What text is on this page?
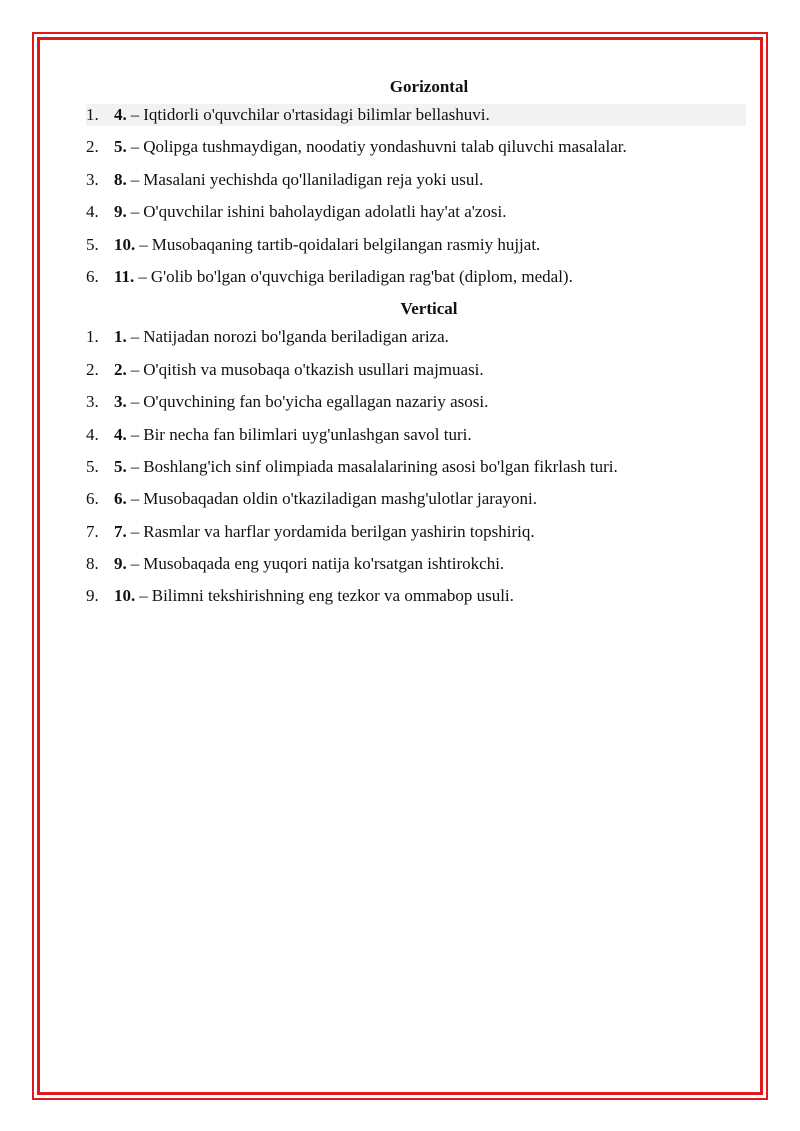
Gorizontal
1. 4. – Iqtidorli o'quvchilar o'rtasidagi bilimlar bellashuvi.
2. 5. – Qolipga tushmaydigan, noodatiy yondashuvni talab qiluvchi masalalar.
3. 8. – Masalani yechishda qo'llaniladigan reja yoki usul.
4. 9. – O'quvchilar ishini baholaydigan adolatli hay'at a'zosi.
5. 10. – Musobaqaning tartib-qoidalari belgilangan rasmiy hujjat.
6. 11. – G'olib bo'lgan o'quvchiga beriladigan rag'bat (diplom, medal).
Vertical
1. 1. – Natijadan norozi bo'lganda beriladigan ariza.
2. 2. – O'qitish va musobaqa o'tkazish usullari majmuasi.
3. 3. – O'quvchining fan bo'yicha egallagan nazariy asosi.
4. 4. – Bir necha fan bilimlari uyg'unlashgan savol turi.
5. 5. – Boshlang'ich sinf olimpiada masalalarining asosi bo'lgan fikrlash turi.
6. 6. – Musobaqadan oldin o'tkaziladigan mashg'ulotlar jarayoni.
7. 7. – Rasmlar va harflar yordamida berilgan yashirin topshiriq.
8. 9. – Musobaqada eng yuqori natija ko'rsatgan ishtirokchi.
9. 10. – Bilimni tekshirishning eng tezkor va ommabop usuli.
